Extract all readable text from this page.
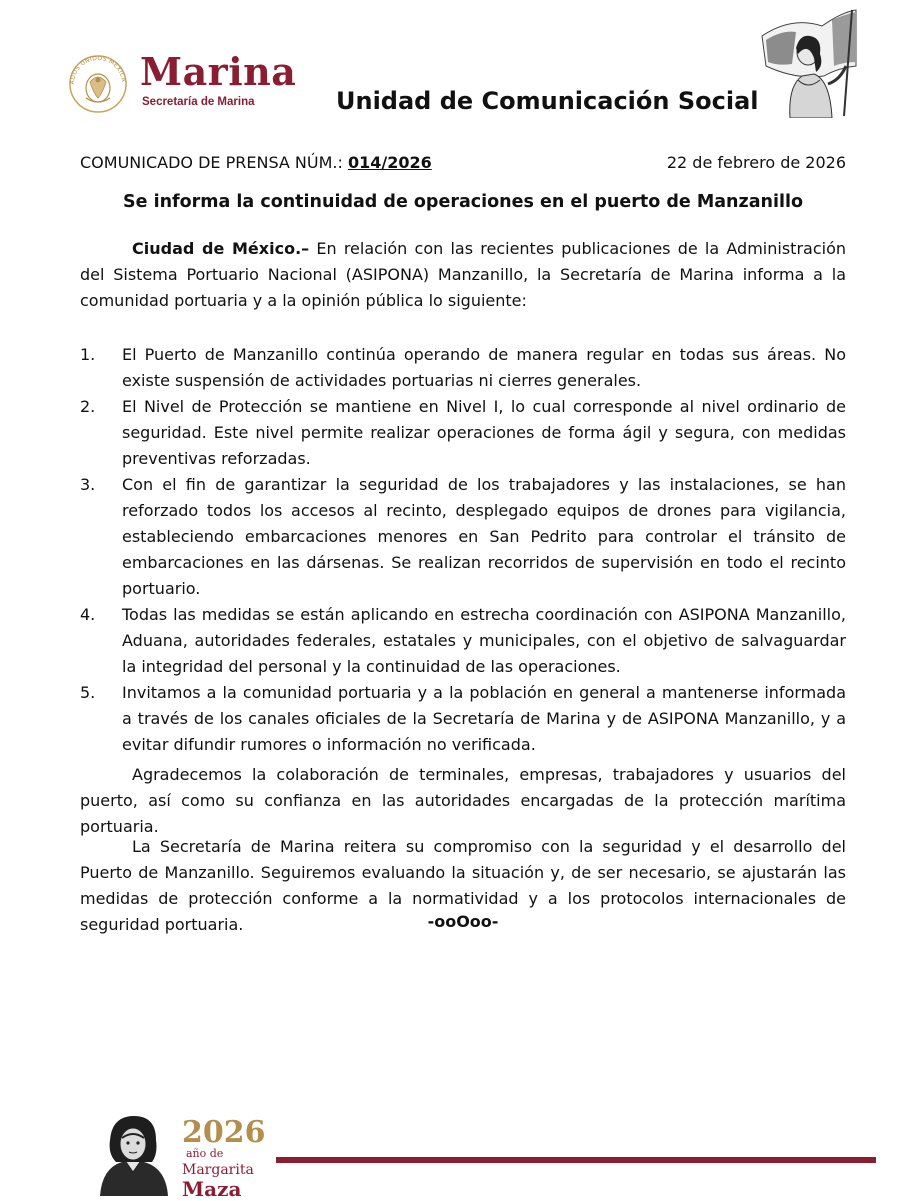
ADOS UNIDOS MEXICA Marina
Secretaría de Marina	Unidad de Comunicación Social
COMUNICADO DE PRENSA NÚM.: 014/2026	22 de febrero de 2026
Se informa la continuidad de operaciones en el puerto de Manzanillo
Ciudad de México.– En relación con las recientes publicaciones de la Administración del Sistema Portuario Nacional (ASIPONA) Manzanillo, la Secretaría de Marina informa a la comunidad portuaria y a la opinión pública lo siguiente:
1. El Puerto de Manzanillo continúa operando de manera regular en todas sus áreas. No existe suspensión de actividades portuarias ni cierres generales.
2. El Nivel de Protección se mantiene en Nivel I, lo cual corresponde al nivel ordinario de seguridad. Este nivel permite realizar operaciones de forma ágil y segura, con medidas preventivas reforzadas.
3. Con el fin de garantizar la seguridad de los trabajadores y las instalaciones, se han reforzado todos los accesos al recinto, desplegado equipos de drones para vigilancia, estableciendo embarcaciones menores en San Pedrito para controlar el tránsito de embarcaciones en las dársenas. Se realizan recorridos de supervisión en todo el recinto portuario.
4. Todas las medidas se están aplicando en estrecha coordinación con ASIPONA Manzanillo, Aduana, autoridades federales, estatales y municipales, con el objetivo de salvaguardar la integridad del personal y la continuidad de las operaciones.
5. Invitamos a la comunidad portuaria y a la población en general a mantenerse informada a través de los canales oficiales de la Secretaría de Marina y de ASIPONA Manzanillo, y a evitar difundir rumores o información no verificada.
Agradecemos la colaboración de terminales, empresas, trabajadores y usuarios del puerto, así como su confianza en las autoridades encargadas de la protección marítima portuaria.
La Secretaría de Marina reitera su compromiso con la seguridad y el desarrollo del Puerto de Manzanillo. Seguiremos evaluando la situación y, de ser necesario, se ajustarán las medidas de protección conforme a la normatividad y a los protocolos internacionales de seguridad portuaria.	-ooOoo-
2026
año de
Margarita
Maza
